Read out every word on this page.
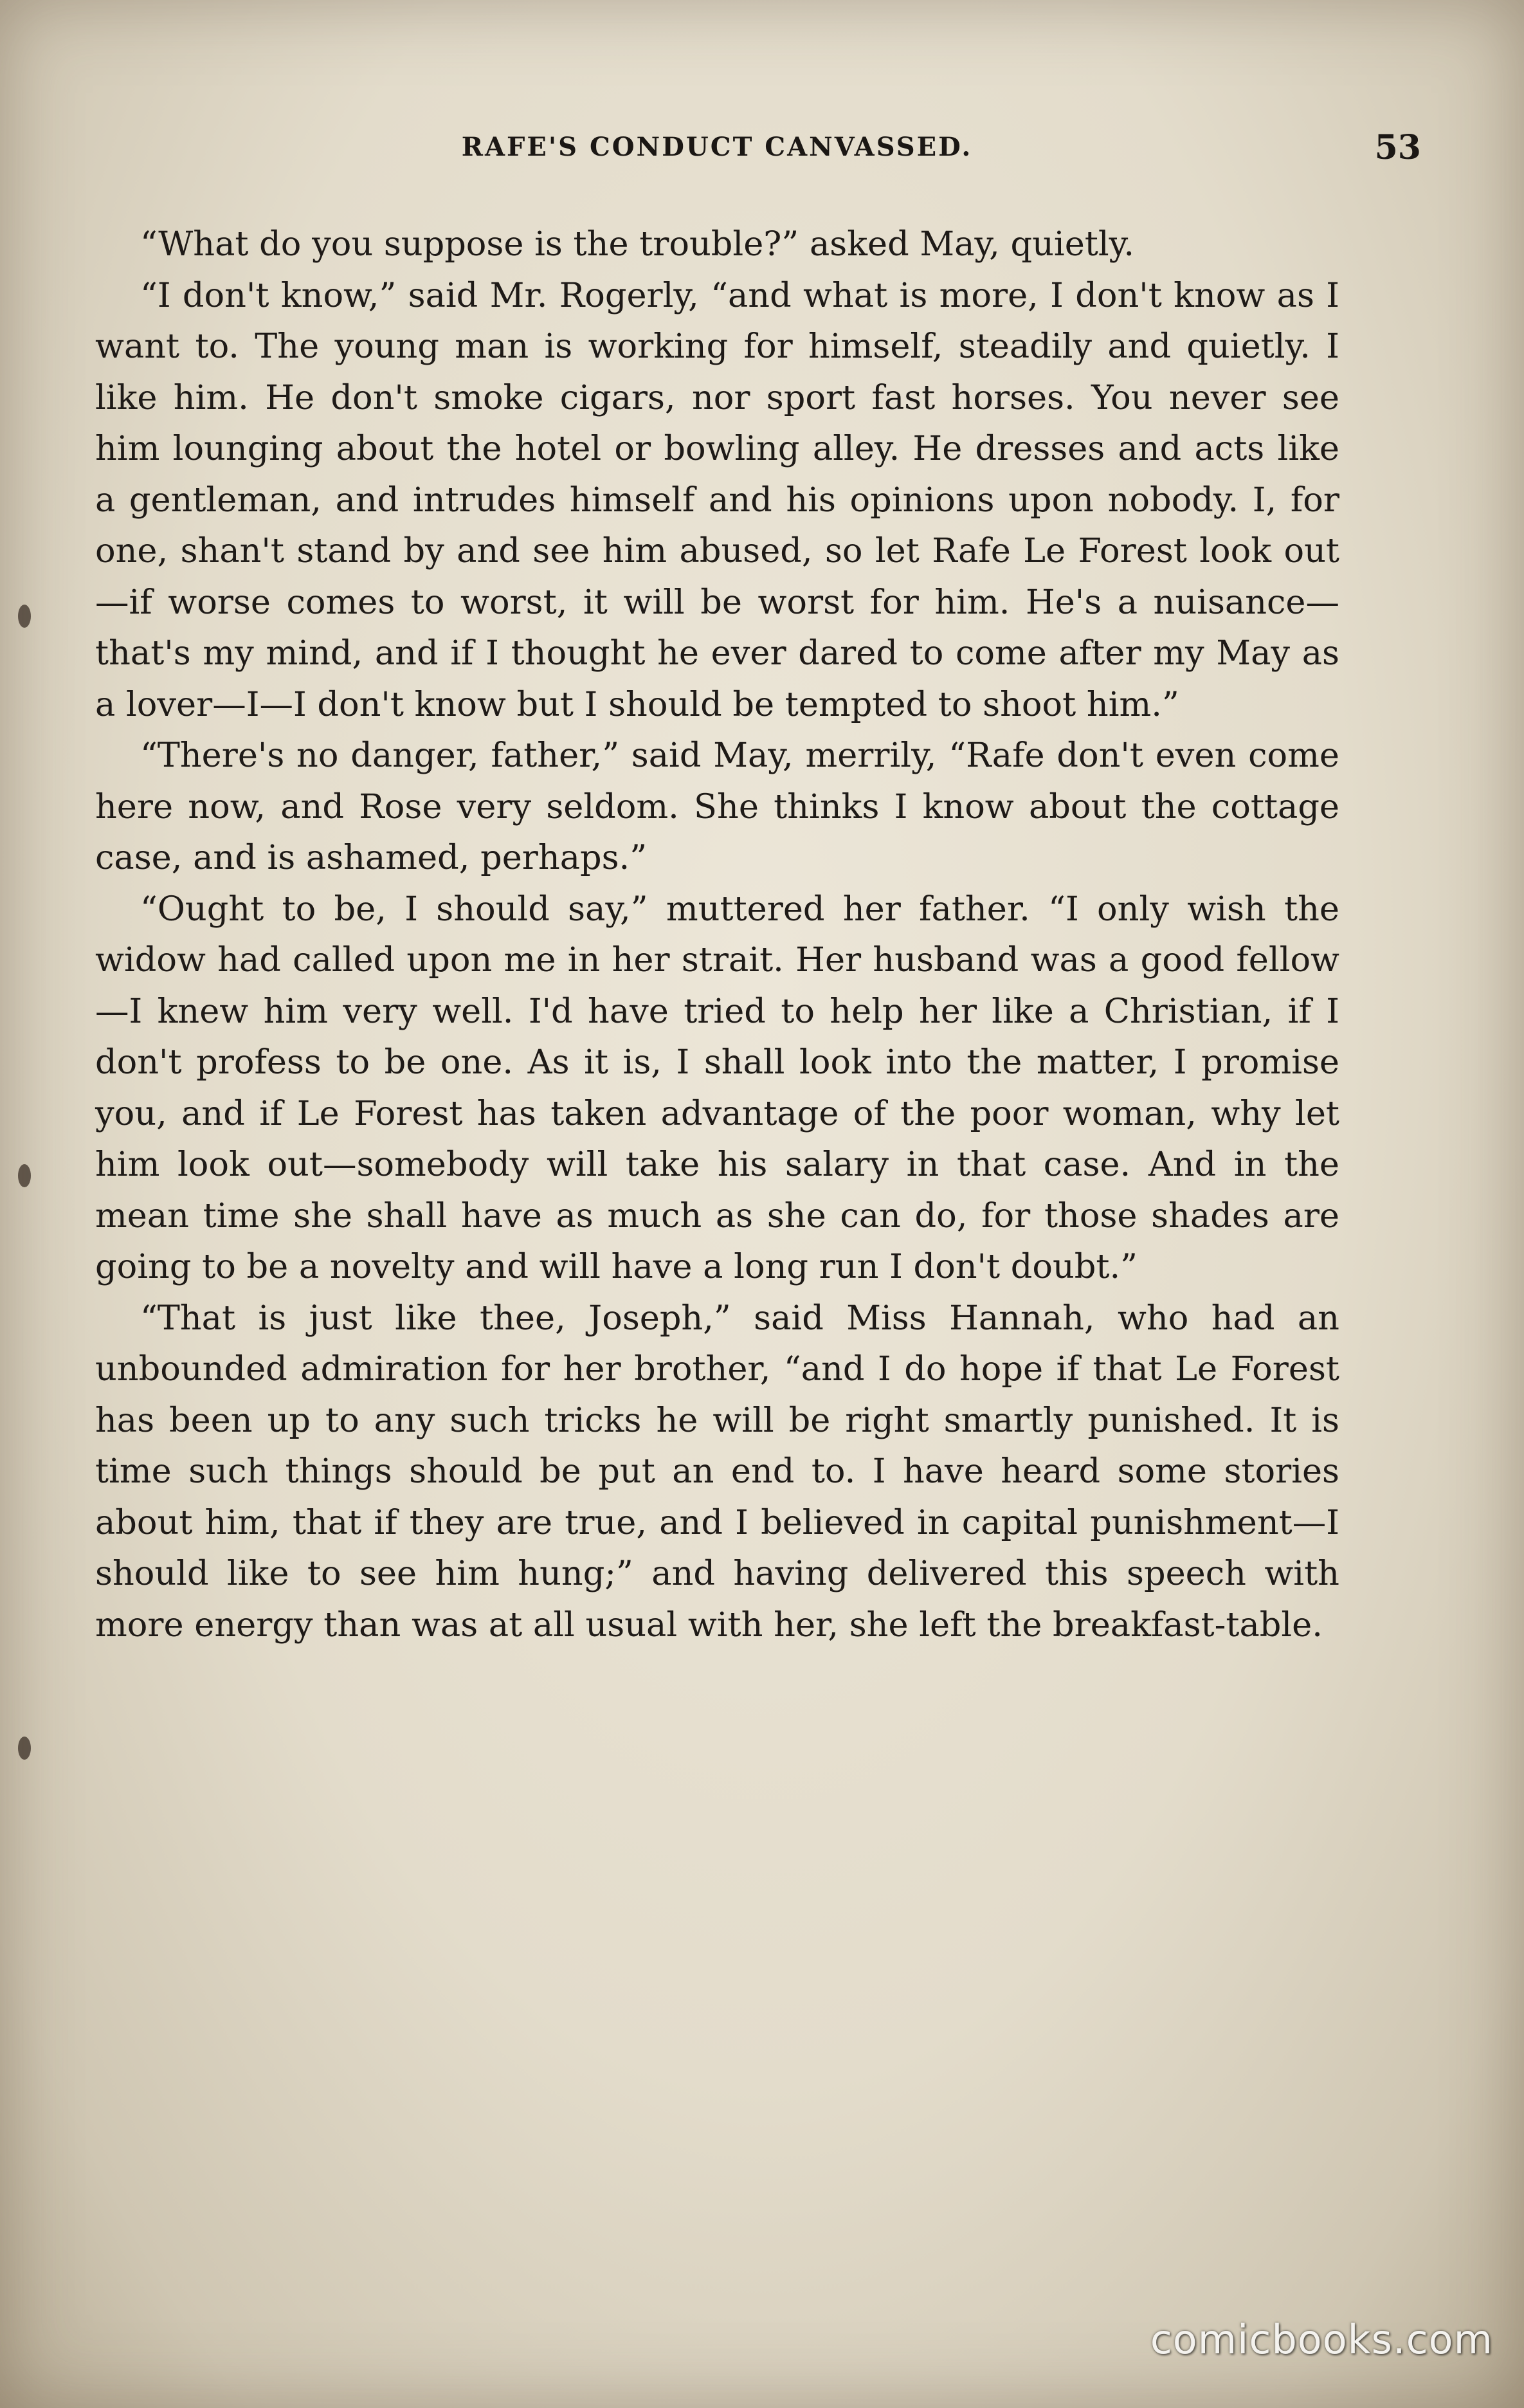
RAFE'S CONDUCT CANVASSED.	53

“What do you suppose is the trouble?” asked May, quietly.

“I don't know,” said Mr. Rogerly, “and what is more, I don't know as I want to. The young man is working for himself, steadily and quietly. I like him. He don't smoke cigars, nor sport fast horses. You never see him lounging about the hotel or bowling alley. He dresses and acts like a gentleman, and intrudes himself and his opinions upon nobody. I, for one, shan't stand by and see him abused, so let Rafe Le Forest look out—if worse comes to worst, it will be worst for him. He's a nuisance—that's my mind, and if I thought he ever dared to come after my May as a lover—I—I don't know but I should be tempted to shoot him.”

“There's no danger, father,” said May, merrily, “Rafe don't even come here now, and Rose very seldom. She thinks I know about the cottage case, and is ashamed, perhaps.”

“Ought to be, I should say,” muttered her father. “I only wish the widow had called upon me in her strait. Her husband was a good fellow—I knew him very well. I'd have tried to help her like a Christian, if I don't profess to be one. As it is, I shall look into the matter, I promise you, and if Le Forest has taken advantage of the poor woman, why let him look out—somebody will take his salary in that case. And in the mean time she shall have as much as she can do, for those shades are going to be a novelty and will have a long run I don't doubt.”

“That is just like thee, Joseph,” said Miss Hannah, who had an unbounded admiration for her brother, “and I do hope if that Le Forest has been up to any such tricks he will be right smartly punished. It is time such things should be put an end to. I have heard some stories about him, that if they are true, and I believed in capital punishment—I should like to see him hung;” and having delivered this speech with more energy than was at all usual with her, she left the breakfast-table.

comicbooks.com
